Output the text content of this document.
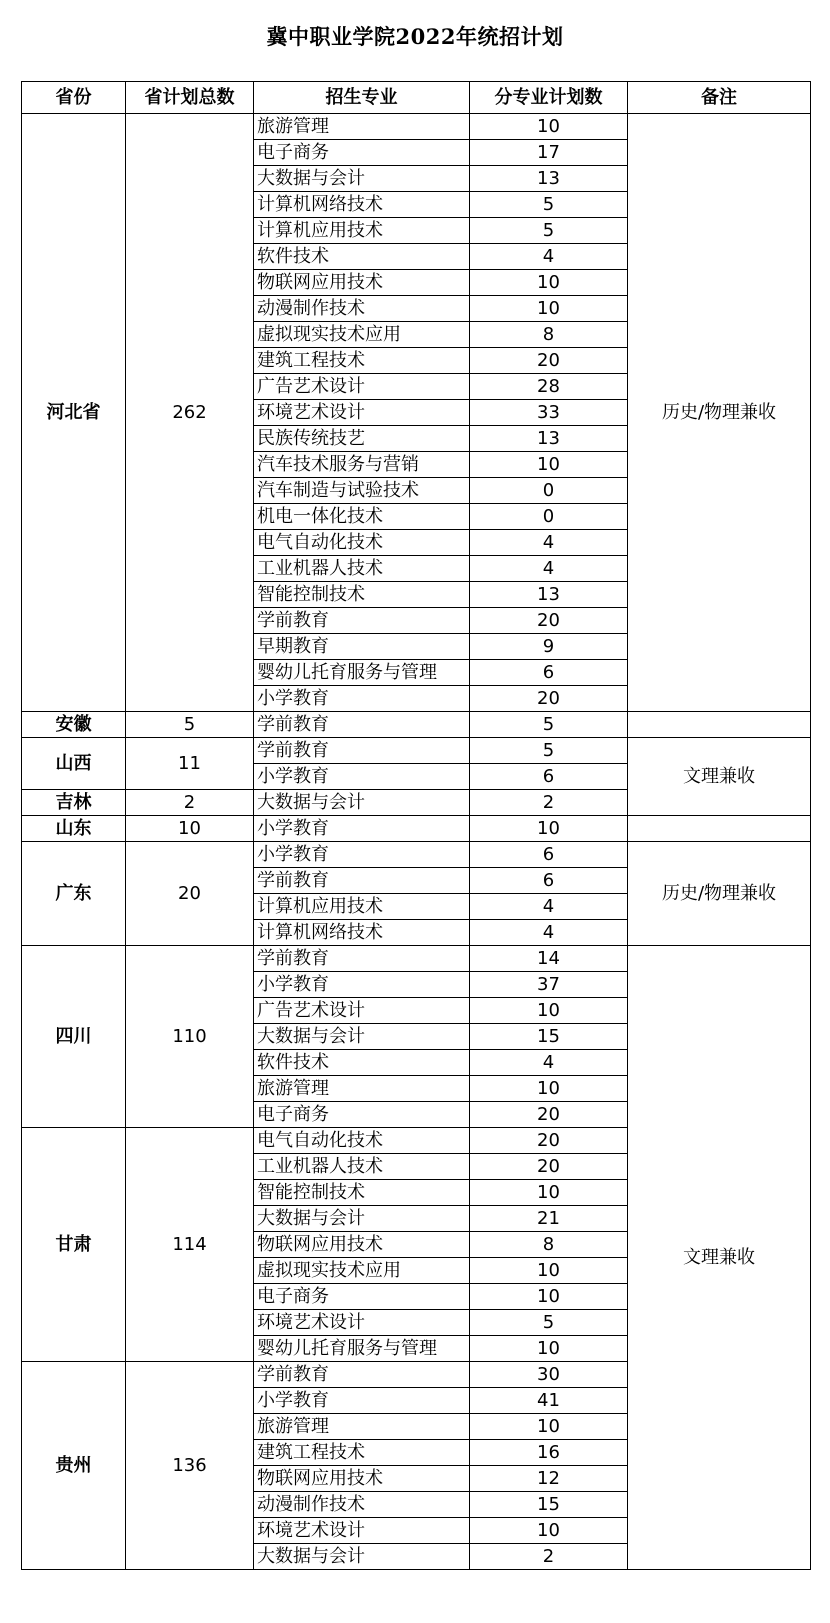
冀中职业学院2022年统招计划
省份	省计划总数	招生专业	分专业计划数	备注
河北省	262	旅游管理	10	历史/物理兼收
		电子商务	17	
		大数据与会计	13	
		计算机网络技术	5	
		计算机应用技术	5	
		软件技术	4	
		物联网应用技术	10	
		动漫制作技术	10	
		虚拟现实技术应用	8	
		建筑工程技术	20	
		广告艺术设计	28	
		环境艺术设计	33	
		民族传统技艺	13	
		汽车技术服务与营销	10	
		汽车制造与试验技术	0	
		机电一体化技术	0	
		电气自动化技术	4	
		工业机器人技术	4	
		智能控制技术	13	
		学前教育	20	
		早期教育	9	
		婴幼儿托育服务与管理	6	
		小学教育	20	
安徽	5	学前教育	5	
山西	11	学前教育	5	文理兼收
		小学教育	6	
吉林	2	大数据与会计	2	
山东	10	小学教育	10	
广东	20	小学教育	6	历史/物理兼收
		学前教育	6	
		计算机应用技术	4	
		计算机网络技术	4	
四川	110	学前教育	14	文理兼收
		小学教育	37	
		广告艺术设计	10	
		大数据与会计	15	
		软件技术	4	
		旅游管理	10	
		电子商务	20	
甘肃	114	电气自动化技术	20	
		工业机器人技术	20	
		智能控制技术	10	
		大数据与会计	21	
		物联网应用技术	8	
		虚拟现实技术应用	10	
		电子商务	10	
		环境艺术设计	5	
		婴幼儿托育服务与管理	10	
贵州	136	学前教育	30	
		小学教育	41	
		旅游管理	10	
		建筑工程技术	16	
		物联网应用技术	12	
		动漫制作技术	15	
		环境艺术设计	10	
		大数据与会计	2	
